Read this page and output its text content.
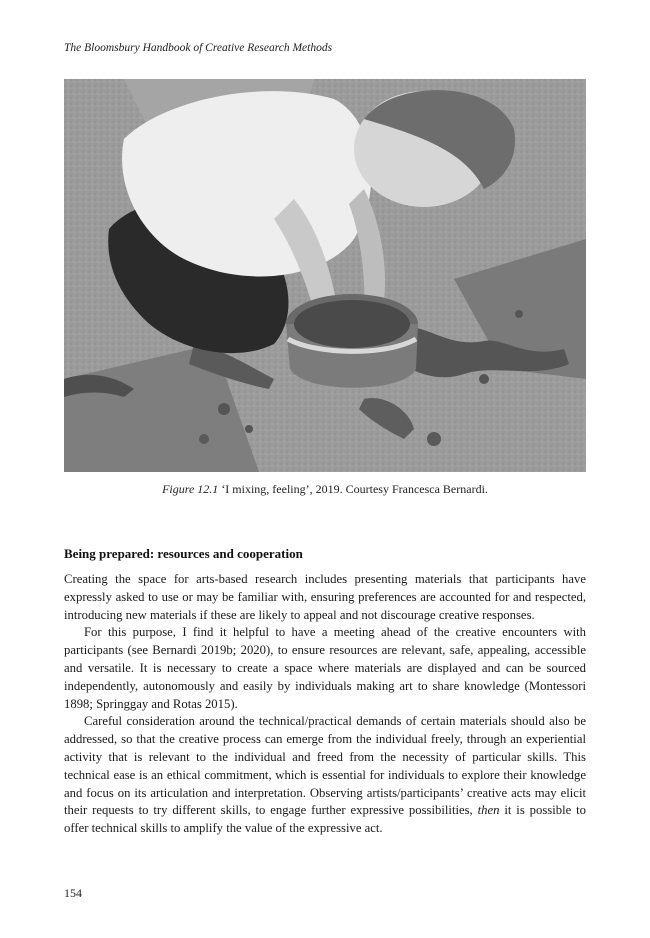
The Bloomsbury Handbook of Creative Research Methods
Figure 12.1 ‘I mixing, feeling’, 2019. Courtesy Francesca Bernardi.
Being prepared: resources and cooperation

Creating the space for arts-based research includes presenting materials that participants have expressly asked to use or may be familiar with, ensuring preferences are accounted for and respected, introducing new materials if these are likely to appeal and not discourage creative responses.

For this purpose, I find it helpful to have a meeting ahead of the creative encounters with participants (see Bernardi 2019b; 2020), to ensure resources are relevant, safe, appealing, accessible and versatile. It is necessary to create a space where materials are displayed and can be sourced independently, autonomously and easily by individuals making art to share knowledge (Montessori 1898; Springgay and Rotas 2015).

Careful consideration around the technical/practical demands of certain materials should also be addressed, so that the creative process can emerge from the individual freely, through an experiential activity that is relevant to the individual and freed from the necessity of particular skills. This technical ease is an ethical commitment, which is essential for individuals to explore their knowledge and focus on its articulation and interpretation. Observing artists/participants’ creative acts may elicit their requests to try different skills, to engage further expressive possibilities, then it is possible to offer technical skills to amplify the value of the expressive act.

154
